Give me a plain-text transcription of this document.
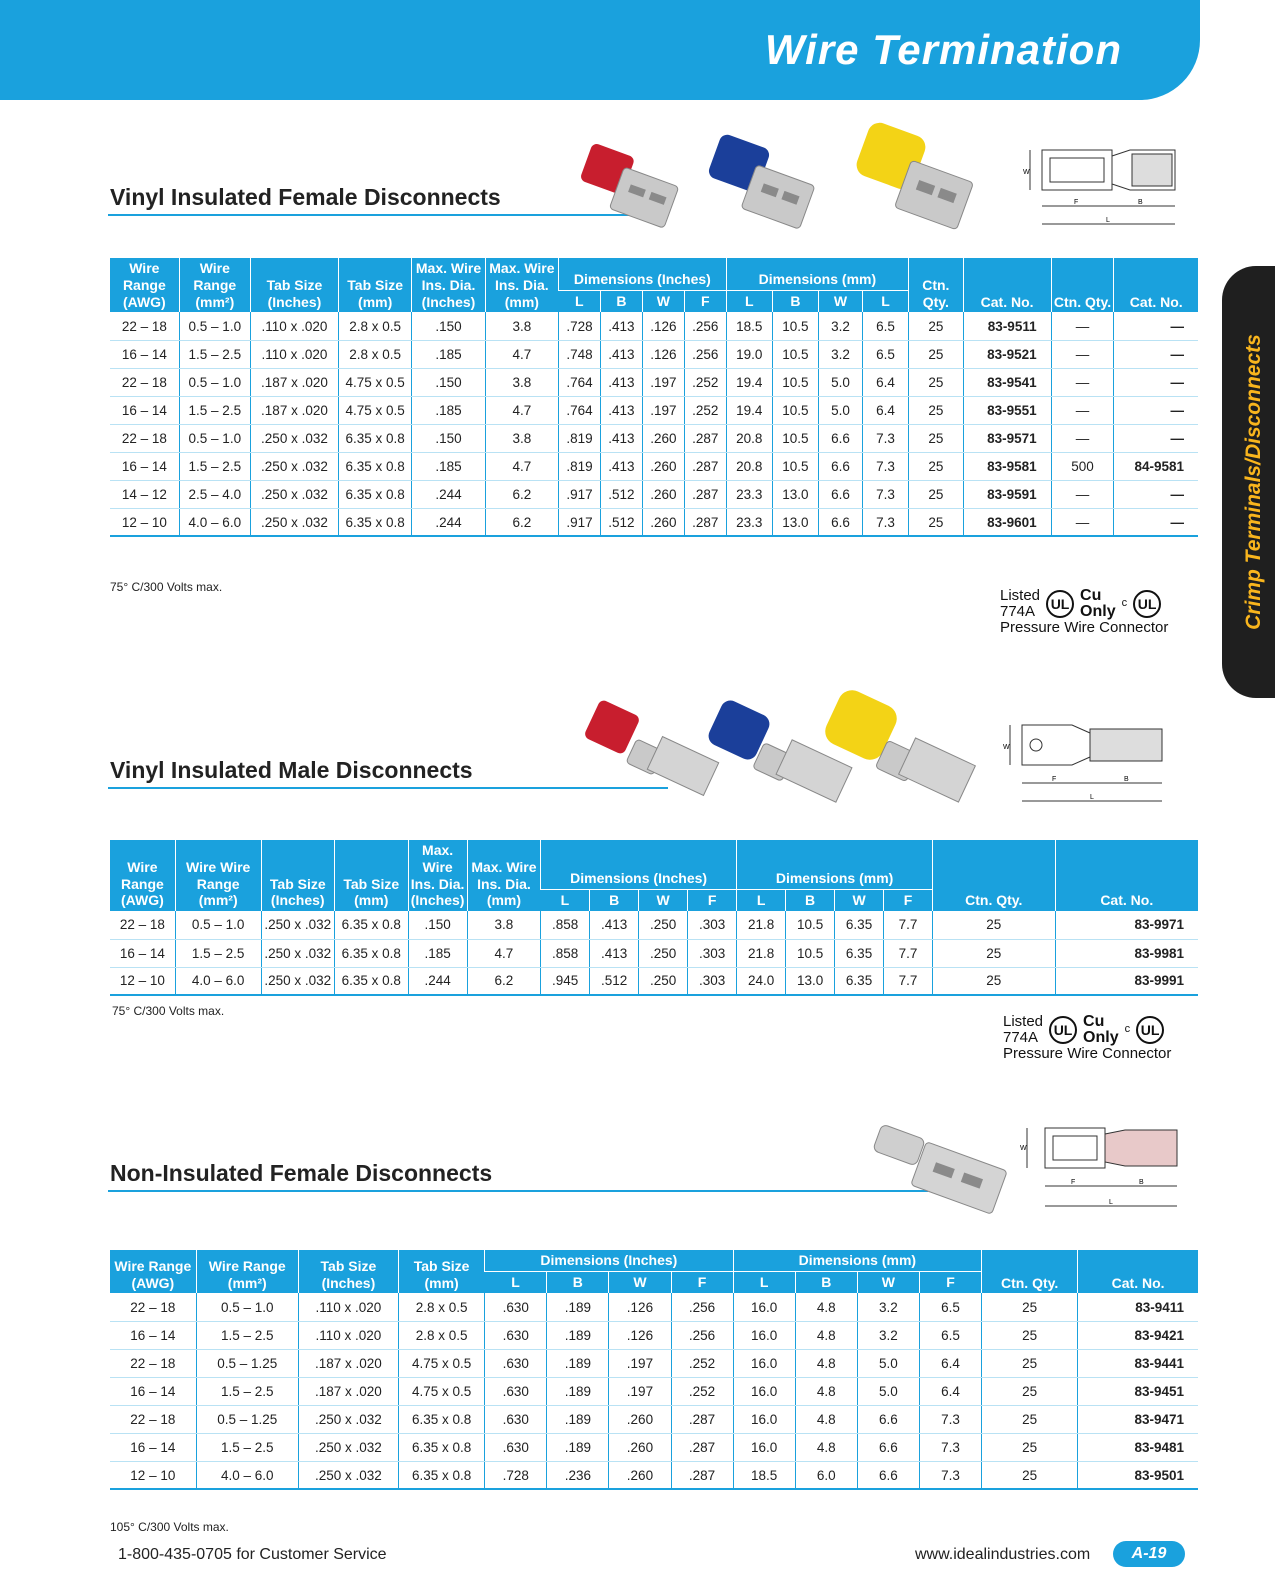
Wire Termination
Crimp Terminals/Disconnects
Vinyl Insulated Female Disconnects
W
F	B
L
Wire Range (AWG)	Wire Range (mm²)	Tab Size (Inches)	Tab Size (mm)	Max. Wire Ins. Dia. (Inches)	Max. Wire Ins. Dia. (mm)	Dimensions (Inches)				Dimensions (mm)				Ctn. Qty.	Cat. No.	Ctn. Qty.	Cat. No.
						L	B	W	F	L	B	W	L				
22 – 18	0.5 – 1.0	.110 x .020	2.8 x 0.5	.150	3.8	.728	.413	.126	.256	18.5	10.5	3.2	6.5	25	83-9511	—	—
16 – 14	1.5 – 2.5	.110 x .020	2.8 x 0.5	.185	4.7	.748	.413	.126	.256	19.0	10.5	3.2	6.5	25	83-9521	—	—
22 – 18	0.5 – 1.0	.187 x .020	4.75 x 0.5	.150	3.8	.764	.413	.197	.252	19.4	10.5	5.0	6.4	25	83-9541	—	—
16 – 14	1.5 – 2.5	.187 x .020	4.75 x 0.5	.185	4.7	.764	.413	.197	.252	19.4	10.5	5.0	6.4	25	83-9551	—	—
22 – 18	0.5 – 1.0	.250 x .032	6.35 x 0.8	.150	3.8	.819	.413	.260	.287	20.8	10.5	6.6	7.3	25	83-9571	—	—
16 – 14	1.5 – 2.5	.250 x .032	6.35 x 0.8	.185	4.7	.819	.413	.260	.287	20.8	10.5	6.6	7.3	25	83-9581	500	84-9581
14 – 12	2.5 – 4.0	.250 x .032	6.35 x 0.8	.244	6.2	.917	.512	.260	.287	23.3	13.0	6.6	7.3	25	83-9591	—	—
12 – 10	4.0 – 6.0	.250 x .032	6.35 x 0.8	.244	6.2	.917	.512	.260	.287	23.3	13.0	6.6	7.3	25	83-9601	—	—
75° C/300 Volts max.
Listed
774A	UL Cu
Only c UL
Pressure Wire Connector
Vinyl Insulated Male Disconnects
W
F	B
L
Wire Range (AWG)	Wire Wire Range (mm²)	Tab Size (Inches)	Tab Size (mm)	Max. Wire Ins. Dia. (Inches)	Max. Wire Ins. Dia. (mm)	Dimensions (Inches)				Dimensions (mm)				Ctn. Qty.	Cat. No.
						L	B	W	F	L	B	W	F		
22 – 18	0.5 – 1.0	.250 x .032	6.35 x 0.8	.150	3.8	.858	.413	.250	.303	21.8	10.5	6.35	7.7	25	83-9971
16 – 14	1.5 – 2.5	.250 x .032	6.35 x 0.8	.185	4.7	.858	.413	.250	.303	21.8	10.5	6.35	7.7	25	83-9981
12 – 10	4.0 – 6.0	.250 x .032	6.35 x 0.8	.244	6.2	.945	.512	.250	.303	24.0	13.0	6.35	7.7	25	83-9991
75° C/300 Volts max.
Listed
774A	UL Cu
Only c UL
Pressure Wire Connector
Non-Insulated Female Disconnects
W
F	B
L
Wire Range (AWG)	Wire Range (mm²)	Tab Size (Inches)	Tab Size (mm)	Dimensions (Inches)				Dimensions (mm)				Ctn. Qty.	Cat. No.
				L	B	W	F	L	B	W	F		
22 – 18	0.5 – 1.0	.110 x .020	2.8 x 0.5	.630	.189	.126	.256	16.0	4.8	3.2	6.5	25	83-9411
16 – 14	1.5 – 2.5	.110 x .020	2.8 x 0.5	.630	.189	.126	.256	16.0	4.8	3.2	6.5	25	83-9421
22 – 18	0.5 – 1.25	.187 x .020	4.75 x 0.5	.630	.189	.197	.252	16.0	4.8	5.0	6.4	25	83-9441
16 – 14	1.5 – 2.5	.187 x .020	4.75 x 0.5	.630	.189	.197	.252	16.0	4.8	5.0	6.4	25	83-9451
22 – 18	0.5 – 1.25	.250 x .032	6.35 x 0.8	.630	.189	.260	.287	16.0	4.8	6.6	7.3	25	83-9471
16 – 14	1.5 – 2.5	.250 x .032	6.35 x 0.8	.630	.189	.260	.287	16.0	4.8	6.6	7.3	25	83-9481
12 – 10	4.0 – 6.0	.250 x .032	6.35 x 0.8	.728	.236	.260	.287	18.5	6.0	6.6	7.3	25	83-9501
105° C/300 Volts max.
1-800-435-0705 for Customer Service	www.idealindustries.com	A-19
